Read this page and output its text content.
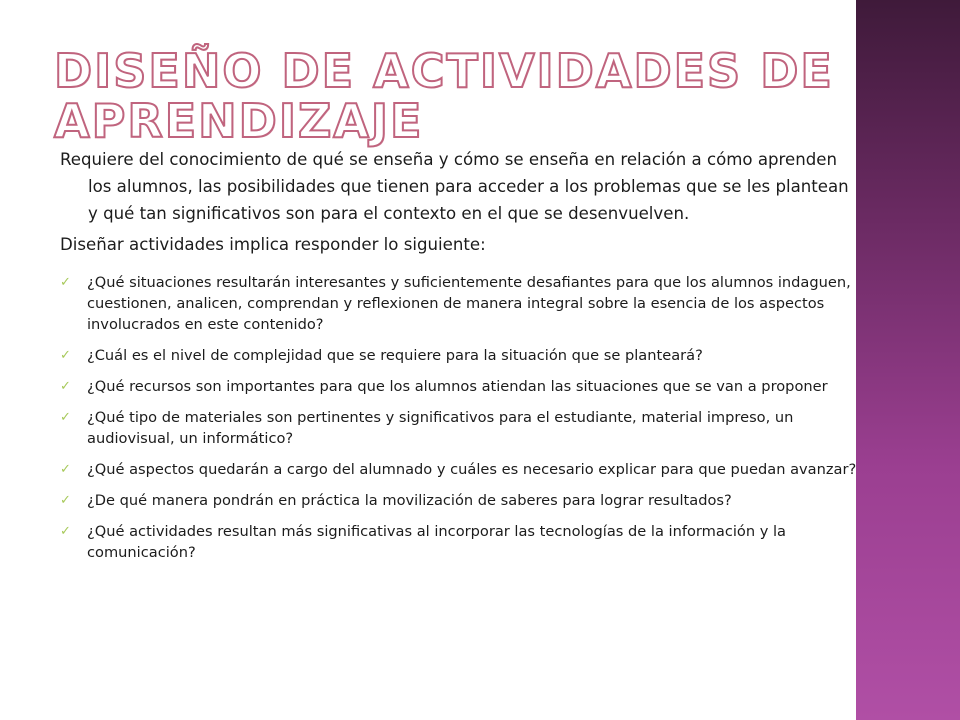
DISEÑO DE ACTIVIDADES DE APRENDIZAJE

Requiere del conocimiento de qué se enseña y cómo se enseña en relación a cómo aprenden los alumnos, las posibilidades que tienen para acceder a los problemas que se les plantean y qué tan significativos son para el contexto en el que se desenvuelven.

Diseñar actividades implica responder lo siguiente:

✓ ¿Qué situaciones resultarán interesantes y suficientemente desafiantes para que los alumnos indaguen, cuestionen, analicen, comprendan y reflexionen de manera integral sobre la esencia de los aspectos involucrados en este contenido?
✓ ¿Cuál es el nivel de complejidad que se requiere para la situación que se planteará?
✓ ¿Qué recursos son importantes para que los alumnos atiendan las situaciones que se van a proponer
✓ ¿Qué tipo de materiales son pertinentes y significativos para el estudiante, material impreso, un audiovisual, un informático?
✓ ¿Qué aspectos quedarán a cargo del alumnado y cuáles es necesario explicar para que puedan avanzar?
✓ ¿De qué manera pondrán en práctica la movilización de saberes para lograr resultados?
✓ ¿Qué actividades resultan más significativas al incorporar las tecnologías de la información y la comunicación?
